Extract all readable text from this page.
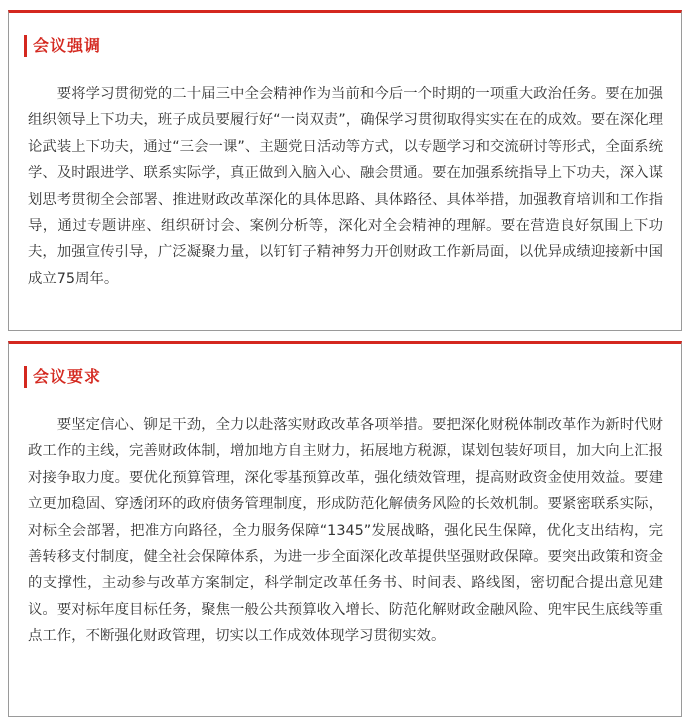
会议强调

要将学习贯彻党的二十届三中全会精神作为当前和今后一个时期的一项重大政治任务。要在加强组织领导上下功夫，班子成员要履行好“一岗双责”，确保学习贯彻取得实实在在的成效。要在深化理论武装上下功夫，通过“三会一课”、主题党日活动等方式，以专题学习和交流研讨等形式，全面系统学、及时跟进学、联系实际学，真正做到入脑入心、融会贯通。要在加强系统指导上下功夫，深入谋划思考贯彻全会部署、推进财政改革深化的具体思路、具体路径、具体举措，加强教育培训和工作指导，通过专题讲座、组织研讨会、案例分析等，深化对全会精神的理解。要在营造良好氛围上下功夫，加强宣传引导，广泛凝聚力量，以钉钉子精神努力开创财政工作新局面，以优异成绩迎接新中国成立75周年。

会议要求

要坚定信心、铆足干劲，全力以赴落实财政改革各项举措。要把深化财税体制改革作为新时代财政工作的主线，完善财政体制，增加地方自主财力，拓展地方税源，谋划包装好项目，加大向上汇报对接争取力度。要优化预算管理，深化零基预算改革，强化绩效管理，提高财政资金使用效益。要建立更加稳固、穿透闭环的政府债务管理制度，形成防范化解债务风险的长效机制。要紧密联系实际，对标全会部署，把准方向路径，全力服务保障“1345”发展战略，强化民生保障，优化支出结构，完善转移支付制度，健全社会保障体系，为进一步全面深化改革提供坚强财政保障。要突出政策和资金的支撑性，主动参与改革方案制定，科学制定改革任务书、时间表、路线图，密切配合提出意见建议。要对标年度目标任务，聚焦一般公共预算收入增长、防范化解财政金融风险、兜牢民生底线等重点工作，不断强化财政管理，切实以工作成效体现学习贯彻实效。
